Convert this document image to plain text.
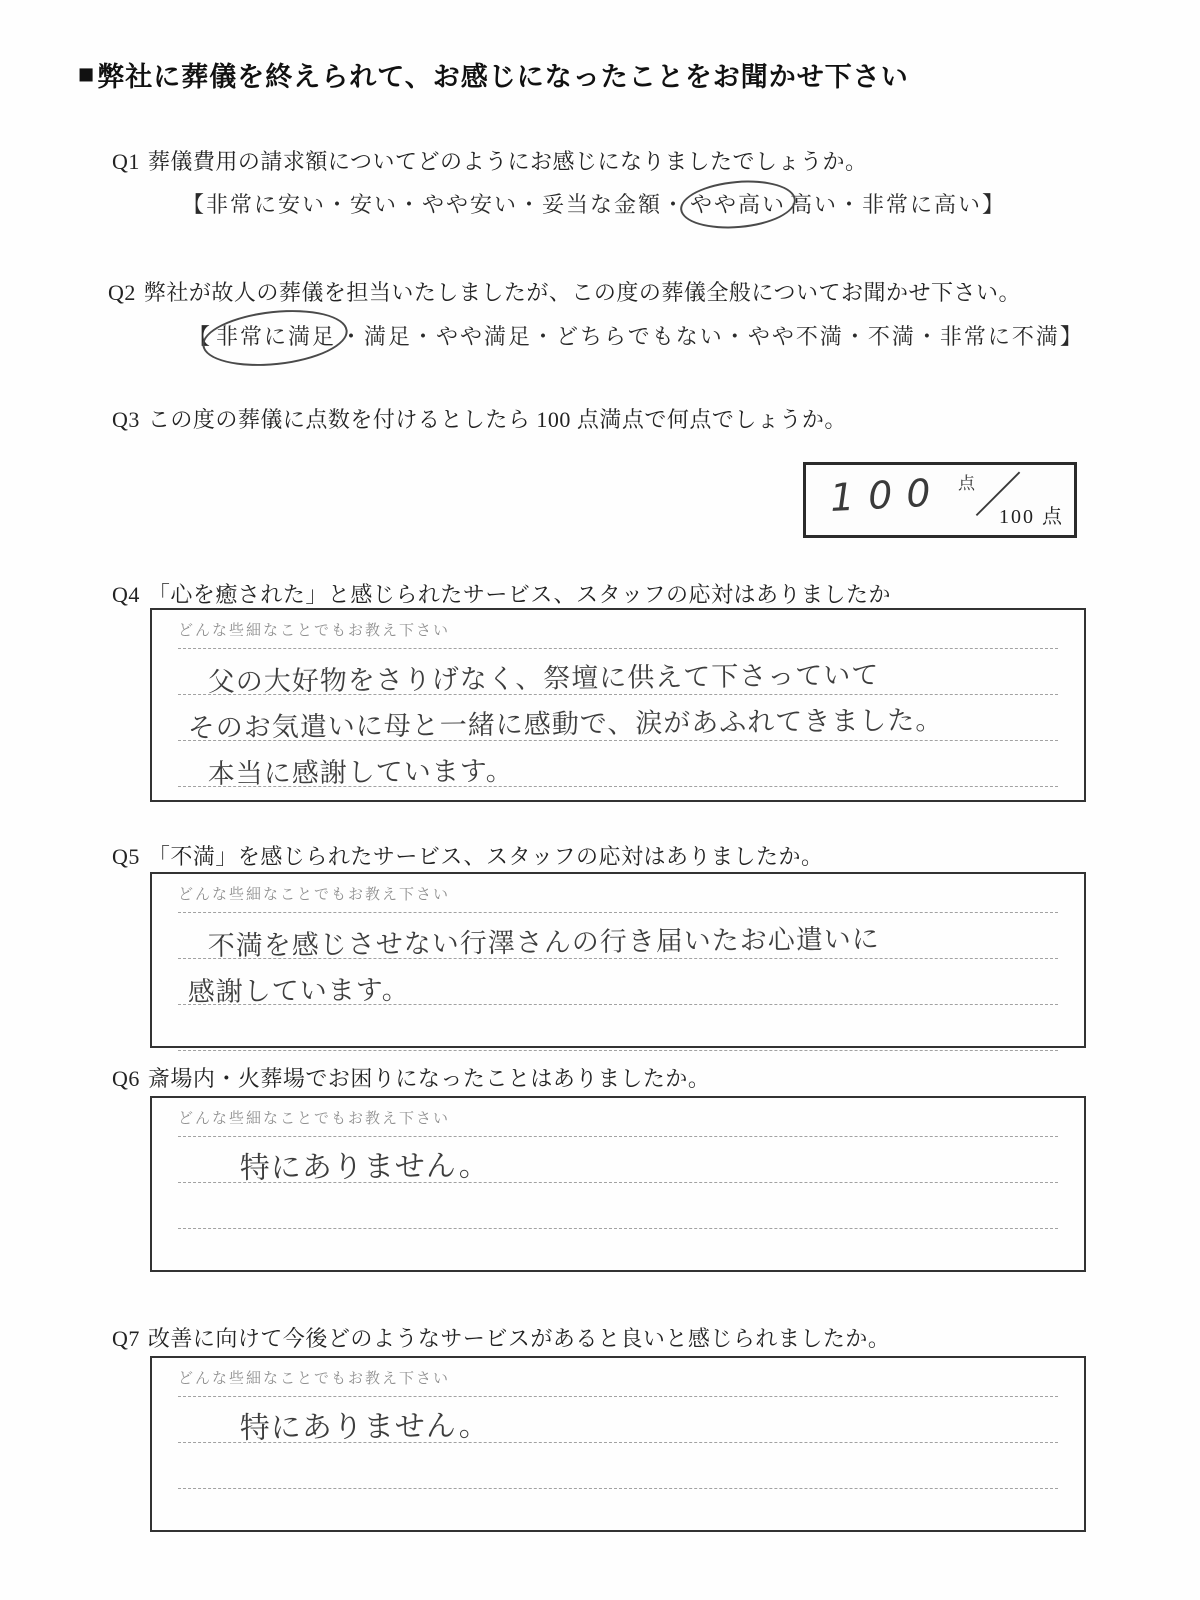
■ 弊社に葬儀を終えられて、お感じになったことをお聞かせ下さい
Q1 葬儀費用の請求額についてどのようにお感じになりましたでしょうか。
【非常に安い・安い・やや安い・妥当な金額・ やや高い 高い・非常に高い】
Q2 弊社が故人の葬儀を担当いたしましたが、この度の葬儀全般についてお聞かせ下さい。
【 非常に満足 ・満足・やや満足・どちらでもない・やや不満・不満・非常に不満】
Q3 この度の葬儀に点数を付けるとしたら 100 点満点で何点でしょうか。
100 点 ／
100 点
Q4 「心を癒された」と感じられたサービス、スタッフの応対はありましたか
どんな些細なことでもお教え下さい
父の大好物をさりげなく、祭壇に供えて下さっていて
そのお気遣いに母と一緒に感動で、涙があふれてきました。
本当に感謝しています。
Q5 「不満」を感じられたサービス、スタッフの応対はありましたか。
どんな些細なことでもお教え下さい
不満を感じさせない行澤さんの行き届いたお心遣いに
感謝しています。
Q6 斎場内・火葬場でお困りになったことはありましたか。
どんな些細なことでもお教え下さい
特にありません。
Q7 改善に向けて今後どのようなサービスがあると良いと感じられましたか。
どんな些細なことでもお教え下さい
特にありません。
